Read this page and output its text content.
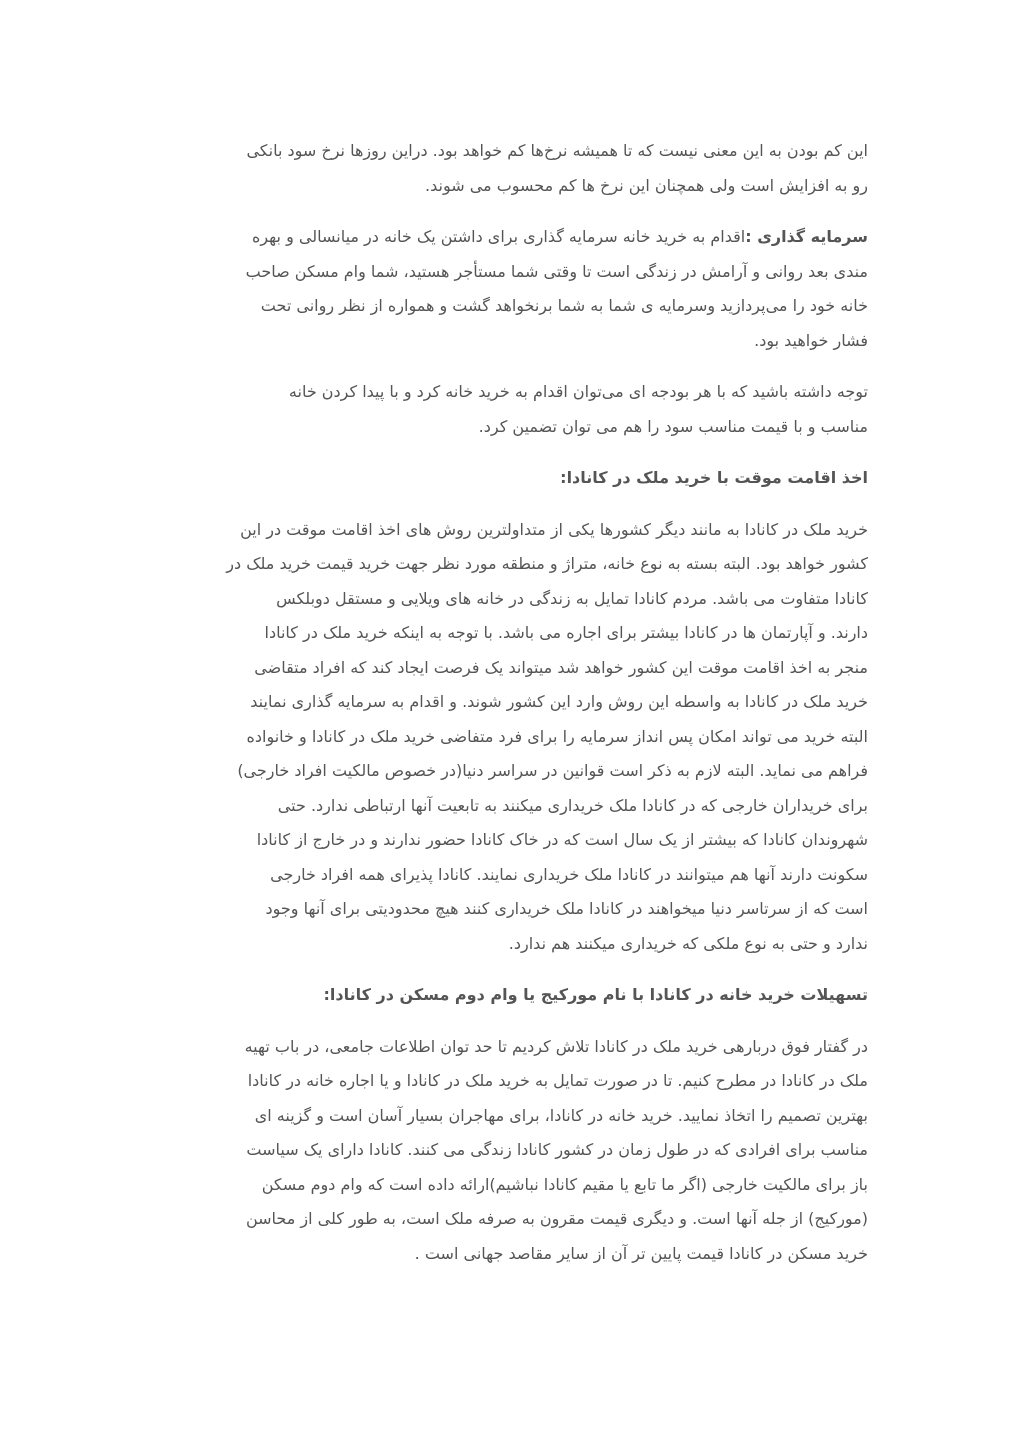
این کم بودن به این معنی نیست که تا همیشه نرخ‌ها کم خواهد بود. دراین روزها نرخ سود بانکی
رو به افزایش است ولی همچنان این نرخ ها کم محسوب می شوند.

سرمایه گذاری :اقدام به خرید خانه سرمایه گذاری برای داشتن یک خانه در میانسالی و بهره
مندی بعد روانی و آرامش در زندگی است تا وقتی شما مستأجر هستید، شما وام مسکن صاحب
خانه خود را می‌پردازید وسرمایه ی شما به شما برنخواهد گشت و همواره از نظر روانی تحت
فشار خواهید بود.

توجه داشته باشید که با هر بودجه ای می‌توان اقدام به خرید خانه کرد و با پیدا کردن خانه
مناسب و با قیمت مناسب سود را هم می توان تضمین کرد.

اخذ اقامت موقت با خرید ملک در کانادا:

خرید ملک در کانادا به مانند دیگر کشورها یکی از متداولترین روش های اخذ اقامت موقت در این
کشور خواهد بود. البته بسته به نوع خانه، متراژ و منطقه مورد نظر جهت خرید قیمت خرید ملک در
کانادا متفاوت می باشد. مردم کانادا تمایل به زندگی در خانه های ویلایی و مستقل دوبلکس
دارند. و آپارتمان ها در کانادا بیشتر برای اجاره می باشد. با توجه به اینکه خرید ملک در کانادا
منجر به اخذ اقامت موقت این کشور خواهد شد میتواند یک فرصت ایجاد کند که افراد متقاضی
خرید ملک در کانادا به واسطه این روش وارد این کشور شوند. و اقدام به سرمایه گذاری نمایند
البته خرید می تواند امکان پس انداز سرمایه را برای فرد متفاضی خرید ملک در کانادا و خانواده
فراهم می نماید. البته لازم به ذکر است قوانین در سراسر دنیا(در خصوص مالکیت افراد خارجی)
برای خریداران خارجی که در کانادا ملک خریداری میکنند به تابعیت آنها ارتباطی ندارد. حتی
شهروندان کانادا که بیشتر از یک سال است که در خاک کانادا حضور ندارند و در خارج از کانادا
سکونت دارند آنها هم میتوانند در کانادا ملک خریداری نمایند. کانادا پذیرای همه افراد خارجی
است که از سرتاسر دنیا میخواهند در کانادا ملک خریداری کنند هیچ محدودیتی برای آنها وجود
ندارد و حتی به نوع ملکی که خریداری میکنند هم ندارد.

تسهیلات خرید خانه در کانادا با نام مورکیج یا وام دوم مسکن در کانادا:

در گفتار فوق دربارهی خرید ملک در کانادا تلاش کردیم تا حد توان اطلاعات جامعی، در باب تهیه
ملک در کانادا در مطرح کنیم. تا در صورت تمایل به خرید ملک در کانادا و یا اجاره خانه در کانادا
بهترین تصمیم را اتخاذ نمایید. خرید خانه در کانادا، برای مهاجران بسیار آسان است و گزینه ای
مناسب برای افرادی که در طول زمان در کشور کانادا زندگی می کنند. کانادا دارای یک سیاست
باز برای مالکیت خارجی (اگر ما تابع یا مقیم کانادا نباشیم)ارائه داده است که وام دوم مسکن
(مورکیج) از جله آنها است. و دیگری قیمت مقرون به صرفه ملک است، به طور کلی از محاسن
خرید مسکن در کانادا قیمت پایین تر آن از سایر مقاصد جهانی است .
